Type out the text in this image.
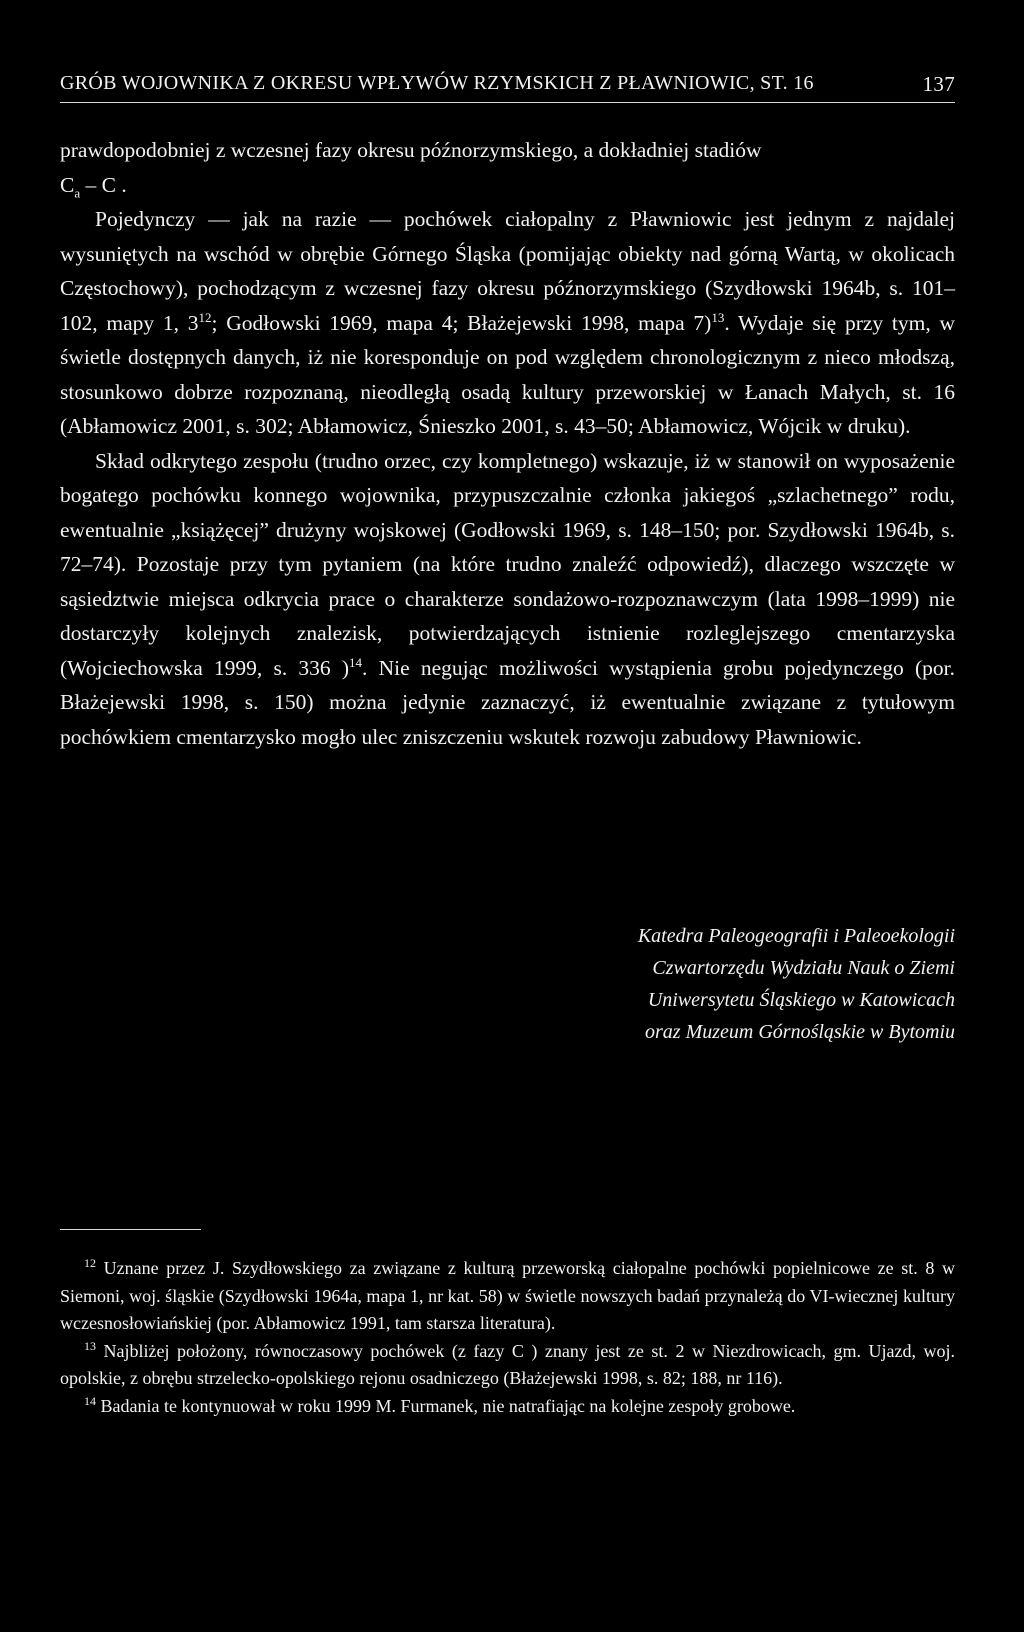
GRÓB WOJOWNIKA Z OKRESU WPŁYWÓW RZYMSKICH Z PŁAWNIOWIC, ST. 16	137

prawdopodobniej z wczesnej fazy okresu późnorzymskiego, a dokładniej stadiów
$C_a$ – C .

Pojedynczy — jak na razie — pochówek ciałopalny z Pławniowic jest jednym z najdalej wysuniętych na wschód w obrębie Górnego Śląska (pomijając obiekty nad górną Wartą, w okolicach Częstochowy), pochodzącym z wczesnej fazy okresu późnorzymskiego (Szydłowski 1964b, s. 101–102, mapy 1, $3^{12}$; Godłowski 1969, mapa 4; Błażejewski 1998, mapa 7)$^{13}$. Wydaje się przy tym, w świetle dostępnych danych, iż nie koresponduje on pod względem chronologicznym z nieco młodszą, stosunkowo dobrze rozpoznaną, nieodległą osadą kultury przeworskiej w Łanach Małych, st. 16 (Abłamowicz 2001, s. 302; Abłamowicz, Śnieszko 2001, s. 43–50; Abłamowicz, Wójcik w druku).

Skład odkrytego zespołu (trudno orzec, czy kompletnego) wskazuje, iż w stanowił on wyposażenie bogatego pochówku konnego wojownika, przypuszczalnie członka jakiegoś „szlachetnego” rodu, ewentualnie „książęcej” drużyny wojskowej (Godłowski 1969, s. 148–150; por. Szydłowski 1964b, s. 72–74). Pozostaje przy tym pytaniem (na które trudno znaleźć odpowiedź), dlaczego wszczęte w sąsiedztwie miejsca odkrycia prace o charakterze sondażowo-rozpoznawczym (lata 1998–1999) nie dostarczyły kolejnych znalezisk, potwierdzających istnienie rozleglejszego cmentarzyska (Wojciechowska 1999, s. 336 )$^{14}$. Nie negując możliwości wystąpienia grobu pojedynczego (por. Błażejewski 1998, s. 150) można jedynie zaznaczyć, iż ewentualnie związane z tytułowym pochówkiem cmentarzysko mogło ulec zniszczeniu wskutek rozwoju zabudowy Pławniowic.

Katedra Paleogeografii i Paleoekologii
Czwartorzędu Wydziału Nauk o Ziemi
Uniwersytetu Śląskiego w Katowicach
oraz Muzeum Górnośląskie w Bytomiu

$^{12}$ Uznane przez J. Szydłowskiego za związane z kulturą przeworską ciałopalne pochówki popielnicowe ze st. 8 w Siemoni, woj. śląskie (Szydłowski 1964a, mapa 1, nr kat. 58) w świetle nowszych badań przynależą do VI-wiecznej kultury wczesnosłowiańskiej (por. Abłamowicz 1991, tam starsza literatura).

$^{13}$ Najbliżej położony, równoczasowy pochówek (z fazy C ) znany jest ze st. 2 w Niezdrowicach, gm. Ujazd, woj. opolskie, z obrębu strzelecko-opolskiego rejonu osadniczego (Błażejewski 1998, s. 82; 188, nr 116).

$^{14}$ Badania te kontynuował w roku 1999 M. Furmanek, nie natrafiając na kolejne zespoły grobowe.
